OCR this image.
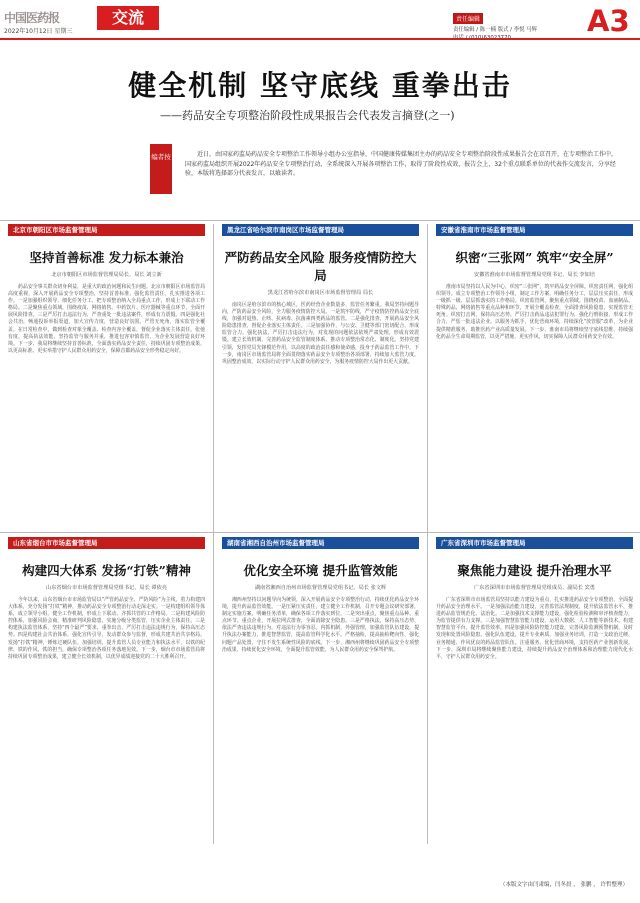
中国医药报	交流
2022年10月12日 星期三
责任编辑
责任编辑 / 陈一楠 版式 / 李悦 马辉	A3
健全机制 坚守底线 重拳出击
——药品安全专项整治阶段性成果报告会代表发言摘登(之一)
编者按	近日，由国家药监局药品安全专项整治工作领导小组办公室指导，中国健康传媒集团主办的药品安全专项整治阶段性成果报告会在京召开，在专项整治工作中，国家药监局组织开展2022年药品安全专项整治行动，全系统深入开展各项整治工作，取得了阶段性成效，报告会上，32个重点联系单位的代表作交流发言，分享经验，本版将选择部分代表发言，以飨读者。
北京市朝阳区市场监督管理局
坚持首善标准 发力标本兼治
北京市朝阳区市场监督管理局局长、局长 刘立新
药品安全事关群众切身利益，是重大的政治问题和民生问题。北京市朝阳区市场监管局高度重视，深入开展药品安全专项整治，坚持首善标准，强化监管责任，扎实推进各项工作。一是加强组织领导，细化任务分工，把专项整治纳入全局重点工作，形成上下联动工作格局。二是聚焦重点领域，围绕疫苗、网络销售、中药饮片、医疗器械等重点环节，全面开展风险排查。三是严厉打击违法行为，严查重处一批违法案件，形成有力震慑。四是强化社会共治，畅通投诉举报渠道，加大宣传力度，营造良好氛围。严管无死角，落实监管全覆盖。在日常检查中，做到检查对象全覆盖、检查内容全覆盖，督促企业落实主体责任。张弛有度，提高执法效能，坚持监管与服务并重，推进包容审慎监管，为企业发展营造良好环境。下一步，我局将继续坚持首善标准，全面落实药品安全责任，持续巩固专项整治成果，以更高标准、更实举措守护人民群众用药安全，保障首都药品安全形势稳定向好。
黑龙江省哈尔滨市南岗区市场监督管理局
严防药品安全风险 服务疫情防控大局
黑龙江省哈尔滨市南岗区市场监督管理局 局长
南岗区是哈尔滨市的核心城区，医药经营企业数量多，监管任务繁重。我局坚持问题导向，严防药品安全风险，全力服务疫情防控大局。一是筑牢防线，严守疫情防控药品安全底线，加强对退热、止咳、抗病毒、抗菌素四类药品的监管。二是强化排查，开展药品安全风险隐患排查，督促企业落实主体责任。三是加强协作，与公安、卫健等部门密切配合，形成监管合力。强化执法，严厉打击违法行为，对发现的问题依法依规严肃处理，形成有效震慑。建立长效机制，完善药品安全监管制度体系，推动专项整治常态化、制度化。坚持党建引领，发挥党员先锋模范作用，以高度的政治责任感和使命感，投身于药品监管工作中。下一步，南岗区市场监管局将全面贯彻落实药品安全专项整治各项部署，持续加大监管力度，巩固整治成效，以实际行动守护人民群众用药安全，为服务疫情防控大局作出更大贡献。
安徽省淮南市市场监督管理局
织密“三张网” 筑牢“安全屏”
安徽省淮南市市场监督管理局党组书记、局长 李如培
淮南市局坚持以人民为中心，织密“三张网”，筑牢药品安全屏障。织密责任网，强化组织领导。成立专项整治工作领导小组，制定工作方案，明确任务分工，层层压实责任，形成一级抓一级、层层抓落实的工作格局。织密监管网，聚焦重点领域。围绕疫苗、血液制品、特殊药品、网络销售等重点品种和环节，开展全覆盖检查，全面排查风险隐患，实现监管无死角。织密打击网，保持高压态势。严厉打击药品违法犯罪行为，强化行刑衔接，形成工作合力，严惩一批违法企业。以服务为抓手，优化营商环境，持续深化“放管服”改革，为企业提供精准服务，助推医药产业高质量发展。下一步，淮南市局将继续坚守底线思维，持续强化药品全生命周期监管，以更严措施、更实作风，切实保障人民群众用药安全有效。
山东省烟台市市场监督管理局
构建四大体系 发扬“打铁”精神
山东省烟台市市场监督管理局党组书记、局长 谭依亮
今年以来，山东省烟台市市场监管局以“严管药品安全、严防风险”为主线，着力构建四大体系，充分发扬“打铁”精神，推动药品安全专项整治行动走深走实。一是构建组织领导体系，成立领导小组，健全工作机制，形成上下联动、齐抓共管的工作格局。二是构建风险防控体系，加强风险会商，精准研判风险隐患，实施分级分类监管，压实企业主体责任。三是构建执法监管体系，坚持“四个最严”要求，重拳出击，严厉打击违法违规行为，保持高压态势。四是构建社会共治体系，强化宣传引导，发动群众参与监督，形成共建共治共享格局。发扬“打铁”精神，锤炼过硬队伍，加强培训，提升监管人员专业能力和执法水平，以铁的纪律、铁的作风、铁的担当，确保专项整治各项任务落地见效。下一步，烟台市市场监管局将持续巩固专项整治成果，建立健全长效机制，以优异成绩迎接党的二十大胜利召开。
湖南省湘西自治州市场监督管理局
优化安全环境 提升监管效能
湖南省湘西自治州市场监督管理局党组书记、局长 张文辉
湘西州坚持以问题导向为统领，深入开展药品安全专项整治行动，持续优化药品安全环境，提升药品监管效能。一是压紧压实责任，建立健全工作机制，召开专题会议研究部署，制定实施方案，明确任务清单，确保各项工作落实到位。二是突出重点，聚焦重点品种、重点环节、重点企业，开展拉网式排查，全面消除安全隐患。三是严格执法，保持高压态势，依法严查违法违规行为，对违法行为零容忍。内抓机制，外强管理，加强监管队伍建设，提升执法办案能力，推进智慧监管，提高监管科学化水平。严格抽检，提高抽检靶向性，强化问题产品处置，守住不发生系统性风险的底线。下一步，湘西州将继续巩固药品安全专项整治成果，持续优化安全环境，全面提升监管效能，为人民群众用药安全保驾护航。
广东省深圳市市场监督管理局
聚焦能力建设 提升治理水平
广东省深圳市市场监督管理局党组成员、副局长 宾勇
广东省深圳市市场监管局坚持以能力建设为重点，扎实推进药品安全专项整治，全面提升药品安全治理水平。一是加强法治能力建设，完善监管法规制度，提升依法监管水平，推进药品监管规范化、法治化。二是加强技术支撑能力建设，强化检验检测和审评核查能力，为监管提供有力支撑。三是加强智慧监管能力建设，运用大数据、人工智能等新技术，构建智慧监管平台，提升监管效率。四是加强风险防控能力建设，完善风险监测预警机制，及时发现和处置风险隐患。强化队伍建设，提升专业素质，加强业务培训，打造一支政治过硬、业务精通、作风优良的药品监管队伍。注重服务，优化营商环境，支持医药产业创新发展。下一步，深圳市局将继续聚焦能力建设，持续提升药品安全治理体系和治理能力现代化水平，守护人民群众用药安全。
（本版文字由闫肃编，闫冬晨 ， 张鹏 ， 许哲整理）
